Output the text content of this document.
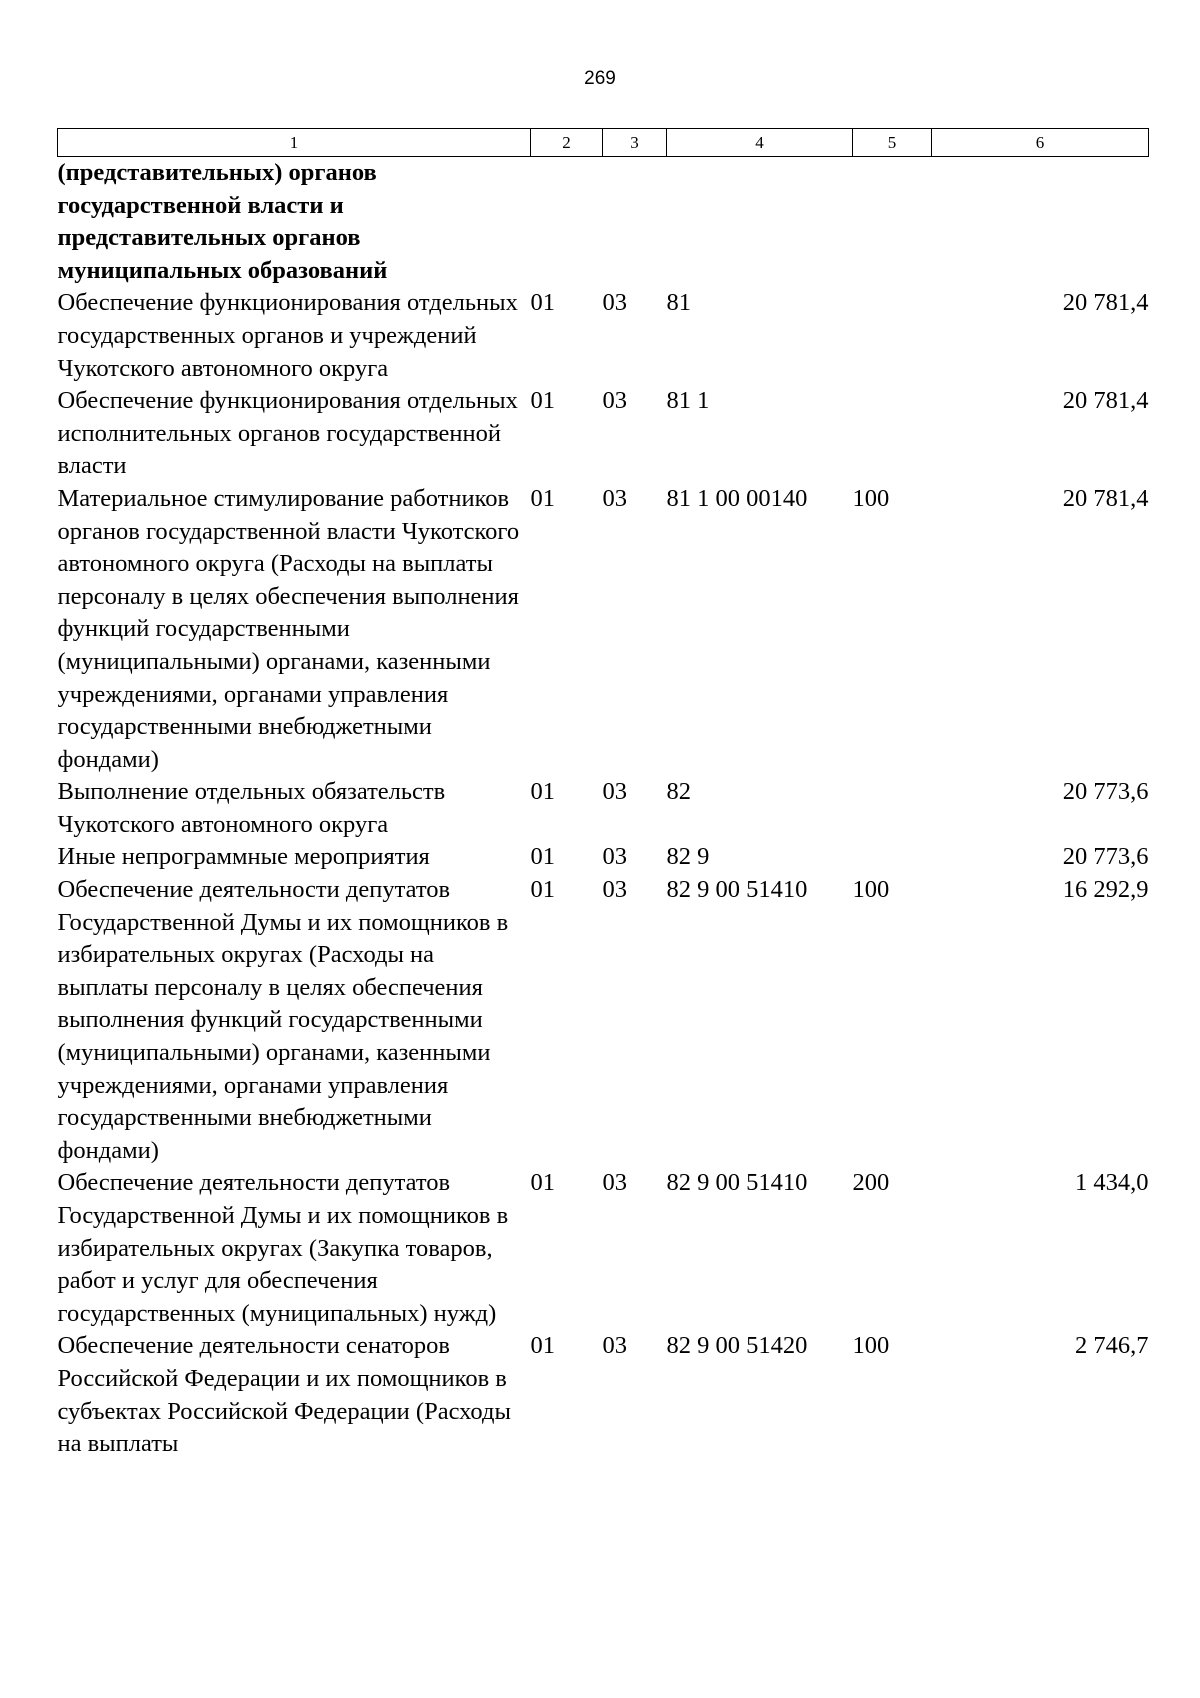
269
1	2	3	4	5	6
(представительных) органов государственной власти и представительных органов муниципальных образований					
Обеспечение функционирования отдельных государственных органов и учреждений Чукотского автономного округа	01	03	81		20 781,4
Обеспечение функционирования отдельных исполнительных органов государственной власти	01	03	81 1		20 781,4
Материальное стимулирование работников органов государственной власти Чукотского автономного округа (Расходы на выплаты персоналу в целях обеспечения выполнения функций государственными (муниципальными) органами, казенными учреждениями, органами управления государственными внебюджетными фондами)	01	03	81 1 00 00140	100	20 781,4
Выполнение отдельных обязательств Чукотского автономного округа	01	03	82		20 773,6
Иные непрограммные мероприятия	01	03	82 9		20 773,6
Обеспечение деятельности депутатов Государственной Думы и их помощников в избирательных округах (Расходы на выплаты персоналу в целях обеспечения выполнения функций государственными (муниципальными) органами, казенными учреждениями, органами управления государственными внебюджетными фондами)	01	03	82 9 00 51410	100	16 292,9
Обеспечение деятельности депутатов Государственной Думы и их помощников в избирательных округах (Закупка товаров, работ и услуг для обеспечения государственных (муниципальных) нужд)	01	03	82 9 00 51410	200	1 434,0
Обеспечение деятельности сенаторов Российской Федерации и их помощников в субъектах Российской Федерации (Расходы на выплаты	01	03	82 9 00 51420	100	2 746,7
